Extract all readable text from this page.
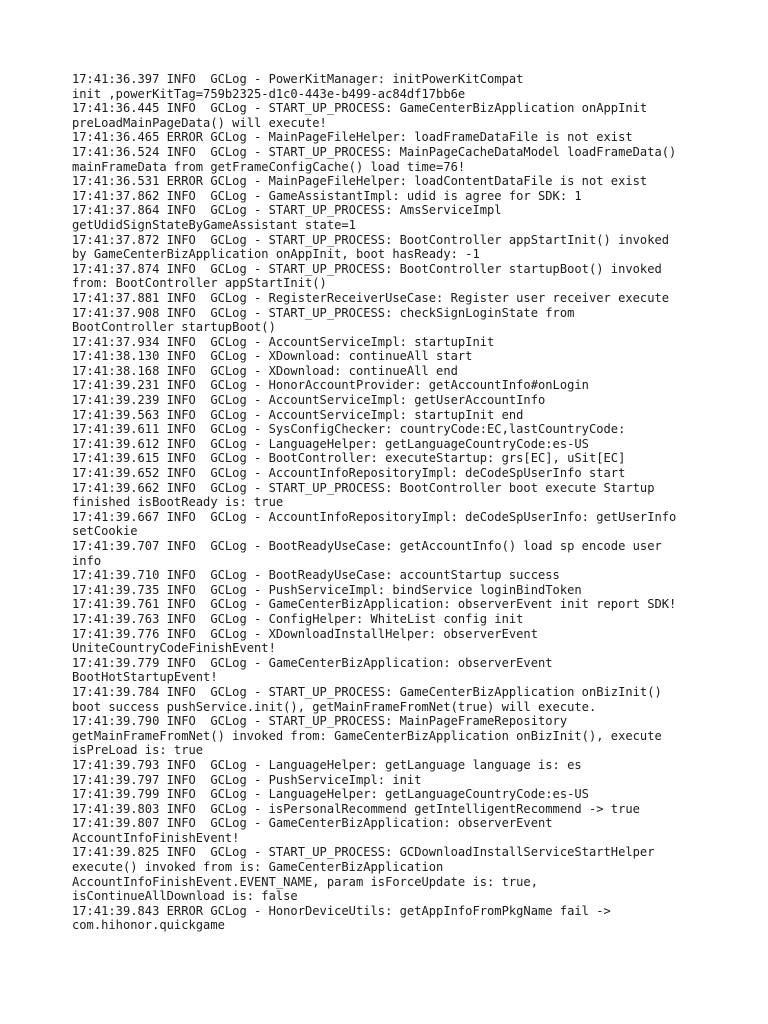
17:41:36.397 INFO  GCLog - PowerKitManager: initPowerKitCompat
init ,powerKitTag=759b2325-d1c0-443e-b499-ac84df17bb6e
17:41:36.445 INFO  GCLog - START_UP_PROCESS: GameCenterBizApplication onAppInit
preLoadMainPageData() will execute!
17:41:36.465 ERROR GCLog - MainPageFileHelper: loadFrameDataFile is not exist
17:41:36.524 INFO  GCLog - START_UP_PROCESS: MainPageCacheDataModel loadFrameData()
mainFrameData from getFrameConfigCache() load time=76!
17:41:36.531 ERROR GCLog - MainPageFileHelper: loadContentDataFile is not exist
17:41:37.862 INFO  GCLog - GameAssistantImpl: udid is agree for SDK: 1
17:41:37.864 INFO  GCLog - START_UP_PROCESS: AmsServiceImpl
getUdidSignStateByGameAssistant state=1
17:41:37.872 INFO  GCLog - START_UP_PROCESS: BootController appStartInit() invoked
by GameCenterBizApplication onAppInit, boot hasReady: -1
17:41:37.874 INFO  GCLog - START_UP_PROCESS: BootController startupBoot() invoked
from: BootController appStartInit()
17:41:37.881 INFO  GCLog - RegisterReceiverUseCase: Register user receiver execute
17:41:37.908 INFO  GCLog - START_UP_PROCESS: checkSignLoginState from
BootController startupBoot()
17:41:37.934 INFO  GCLog - AccountServiceImpl: startupInit
17:41:38.130 INFO  GCLog - XDownload: continueAll start
17:41:38.168 INFO  GCLog - XDownload: continueAll end
17:41:39.231 INFO  GCLog - HonorAccountProvider: getAccountInfo#onLogin
17:41:39.239 INFO  GCLog - AccountServiceImpl: getUserAccountInfo
17:41:39.563 INFO  GCLog - AccountServiceImpl: startupInit end
17:41:39.611 INFO  GCLog - SysConfigChecker: countryCode:EC,lastCountryCode:
17:41:39.612 INFO  GCLog - LanguageHelper: getLanguageCountryCode:es-US
17:41:39.615 INFO  GCLog - BootController: executeStartup: grs[EC], uSit[EC]
17:41:39.652 INFO  GCLog - AccountInfoRepositoryImpl: deCodeSpUserInfo start
17:41:39.662 INFO  GCLog - START_UP_PROCESS: BootController boot execute Startup
finished isBootReady is: true
17:41:39.667 INFO  GCLog - AccountInfoRepositoryImpl: deCodeSpUserInfo: getUserInfo
setCookie
17:41:39.707 INFO  GCLog - BootReadyUseCase: getAccountInfo() load sp encode user
info
17:41:39.710 INFO  GCLog - BootReadyUseCase: accountStartup success
17:41:39.735 INFO  GCLog - PushServiceImpl: bindService loginBindToken
17:41:39.761 INFO  GCLog - GameCenterBizApplication: observerEvent init report SDK!
17:41:39.763 INFO  GCLog - ConfigHelper: WhiteList config init
17:41:39.776 INFO  GCLog - XDownloadInstallHelper: observerEvent
UniteCountryCodeFinishEvent!
17:41:39.779 INFO  GCLog - GameCenterBizApplication: observerEvent
BootHotStartupEvent!
17:41:39.784 INFO  GCLog - START_UP_PROCESS: GameCenterBizApplication onBizInit()
boot success pushService.init(), getMainFrameFromNet(true) will execute.
17:41:39.790 INFO  GCLog - START_UP_PROCESS: MainPageFrameRepository
getMainFrameFromNet() invoked from: GameCenterBizApplication onBizInit(), execute
isPreLoad is: true
17:41:39.793 INFO  GCLog - LanguageHelper: getLanguage language is: es
17:41:39.797 INFO  GCLog - PushServiceImpl: init
17:41:39.799 INFO  GCLog - LanguageHelper: getLanguageCountryCode:es-US
17:41:39.803 INFO  GCLog - isPersonalRecommend getIntelligentRecommend -> true
17:41:39.807 INFO  GCLog - GameCenterBizApplication: observerEvent
AccountInfoFinishEvent!
17:41:39.825 INFO  GCLog - START_UP_PROCESS: GCDownloadInstallServiceStartHelper
execute() invoked from is: GameCenterBizApplication
AccountInfoFinishEvent.EVENT_NAME, param isForceUpdate is: true,
isContinueAllDownload is: false
17:41:39.843 ERROR GCLog - HonorDeviceUtils: getAppInfoFromPkgName fail ->
com.hihonor.quickgame
